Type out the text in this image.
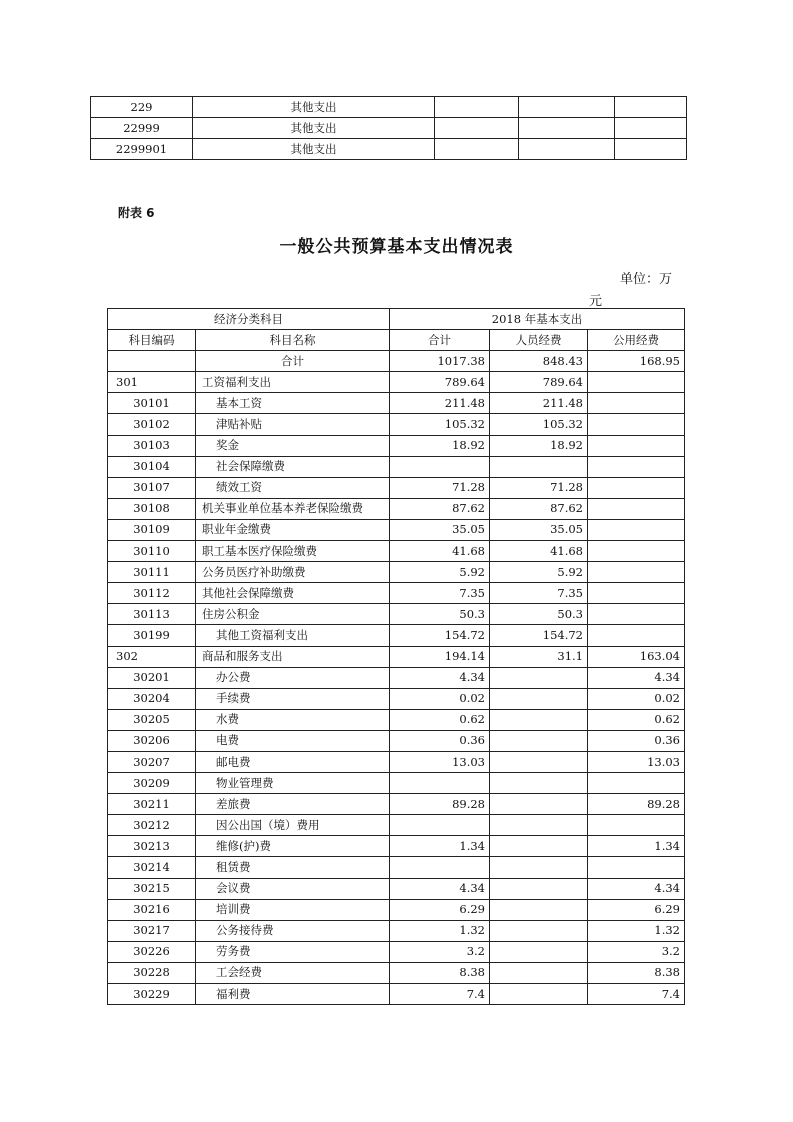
229	其他支出			
22999	其他支出			
2299901	其他支出			
附表 6
一般公共预算基本支出情况表
单位：万
元
经济分类科目		2018 年基本支出		
科目编码	科目名称	合计	人员经费	公用经费
	合计	1017.38	848.43	168.95
301	工资福利支出	789.64	789.64	
30101	基本工资	211.48	211.48	
30102	津贴补贴	105.32	105.32	
30103	奖金	18.92	18.92	
30104	社会保障缴费			
30107	绩效工资	71.28	71.28	
30108	机关事业单位基本养老保险缴费	87.62	87.62	
30109	职业年金缴费	35.05	35.05	
30110	职工基本医疗保险缴费	41.68	41.68	
30111	公务员医疗补助缴费	5.92	5.92	
30112	其他社会保障缴费	7.35	7.35	
30113	住房公积金	50.3	50.3	
30199	其他工资福利支出	154.72	154.72	
302	商品和服务支出	194.14	31.1	163.04
30201	办公费	4.34		4.34
30204	手续费	0.02		0.02
30205	水费	0.62		0.62
30206	电费	0.36		0.36
30207	邮电费	13.03		13.03
30209	物业管理费			
30211	差旅费	89.28		89.28
30212	因公出国（境）费用			
30213	维修(护)费	1.34		1.34
30214	租赁费			
30215	会议费	4.34		4.34
30216	培训费	6.29		6.29
30217	公务接待费	1.32		1.32
30226	劳务费	3.2		3.2
30228	工会经费	8.38		8.38
30229	福利费	7.4		7.4
